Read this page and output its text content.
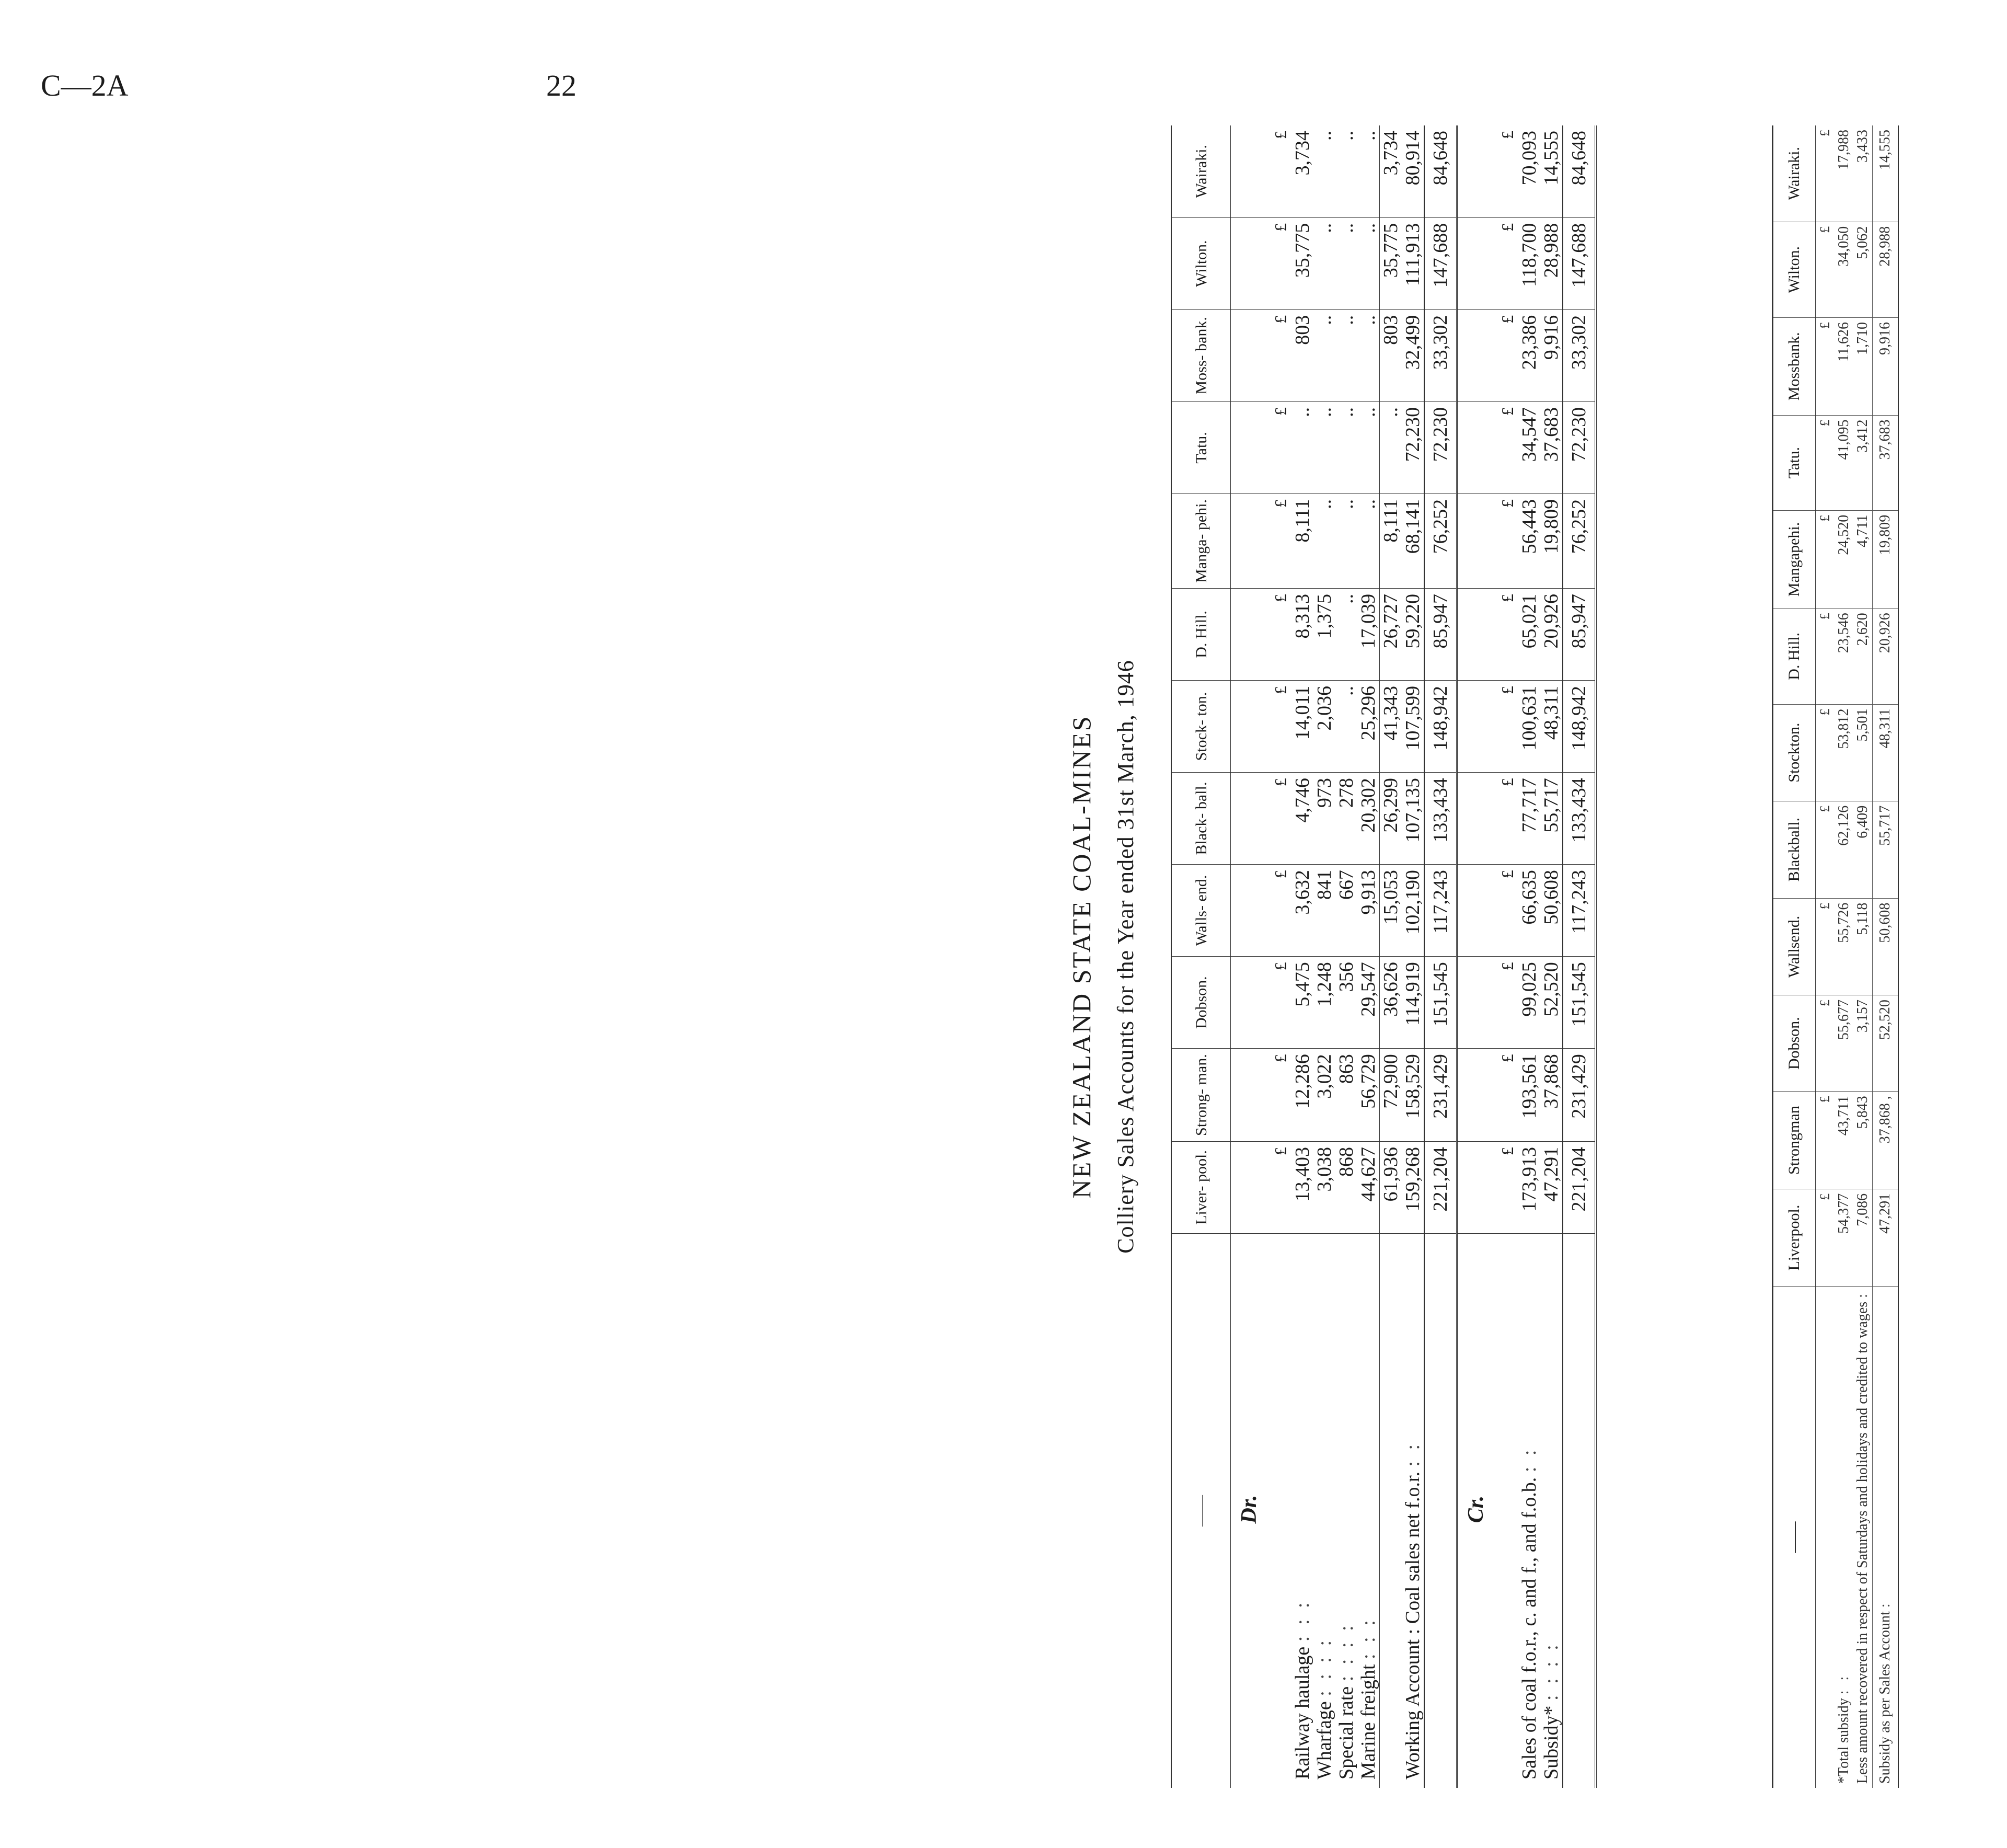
C—2A	22
NEW ZEALAND STATE COAL-MINES Colliery Sales Accounts for the Year ended 31st March, 1946
——	Liver- pool.	Strong- man.	Dobson.	Walls- end.	Black- ball.	Stock- ton.	D. Hill.	Manga- pehi.	Tatu.	Moss- bank.	Wilton.	Wairaki.
Dr.												
	£	£	£	£	£	£	£	£	£	£	£	£
Railway haulage : : :	13,403	12,286	5,475	3,632	4,746	14,011	8,313	8,111	..	803	35,775	3,734
Wharfage : : : :	3,038	3,022	1,248	841	973	2,036	1,375	..	..	..	..	..
Special rate : : : :	868	863	356	667	278	..	..	..	..	..	..	..
Marine freight : : :	44,627	56,729	29,547	9,913	20,302	25,296	17,039	..	..	..	..	..
	61,936	72,900	36,626	15,053	26,299	41,343	26,727	8,111	..	803	35,775	3,734
Working Account : Coal sales net f.o.r. : :	159,268	158,529	114,919	102,190	107,135	107,599	59,220	68,141	72,230	32,499	111,913	80,914
	221,204	231,429	151,545	117,243	133,434	148,942	85,947	76,252	72,230	33,302	147,688	84,648
Cr.												
	£	£	£	£	£	£	£	£	£	£	£	£
Sales of coal f.o.r., c. and f., and f.o.b. : :	173,913	193,561	99,025	66,635	77,717	100,631	65,021	56,443	34,547	23,386	118,700	70,093
Subsidy* : : : :	47,291	37,868	52,520	50,608	55,717	48,311	20,926	19,809	37,683	9,916	28,988	14,555
	221,204	231,429	151,545	117,243	133,434	148,942	85,947	76,252	72,230	33,302	147,688	84,648
——	Liverpool.	Strongman	Dobson.	Wallsend.	Blackball.	Stockton.	D. Hill.	Mangapehi.	Tatu.	Mossbank.	Wilton.	Wairaki.
	£	£	£	£	£	£	£	£	£	£	£	£
*Total subsidy : :	54,377	43,711	55,677	55,726	62,126	53,812	23,546	24,520	41,095	11,626	34,050	17,988
Less amount recovered in respect of Saturdays and holidays and credited to wages :	7,086	5,843	3,157	5,118	6,409	5,501	2,620	4,711	3,412	1,710	5,062	3,433
Subsidy as per Sales Account :	47,291	37,868 ,	52,520	50,608	55,717	48,311	20,926	19,809	37,683	9,916	28,988	14,555
